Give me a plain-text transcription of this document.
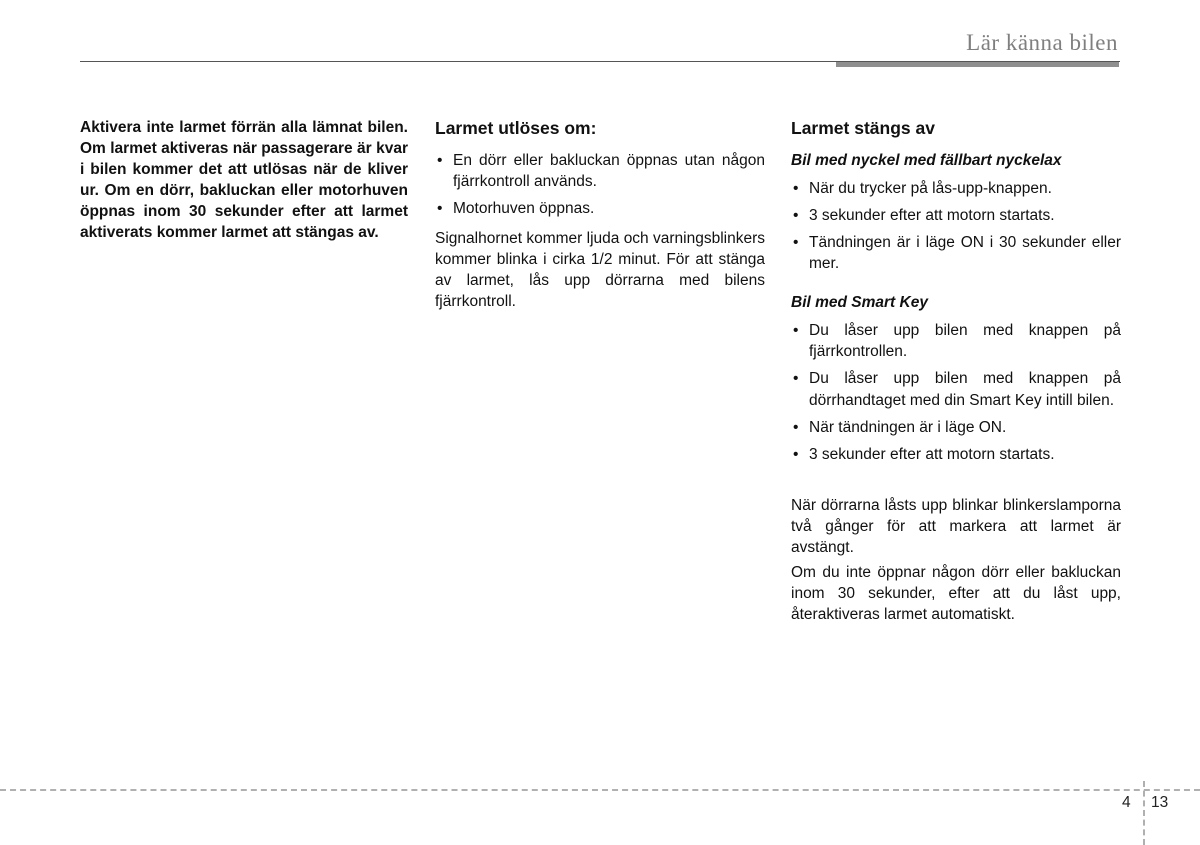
Lär känna bilen
Aktivera inte larmet förrän alla lämnat bilen. Om larmet aktiveras när passagerare är kvar i bilen kommer det att utlösas när de kliver ur. Om en dörr, bakluckan eller motorhuven öppnas inom 30 sekunder efter att larmet aktiverats kommer larmet att stängas av.
Larmet utlöses om:
• En dörr eller bakluckan öppnas utan någon fjärrkontroll används.
• Motorhuven öppnas.
Signalhornet kommer ljuda och varningsblinkers kommer blinka i cirka 1/2 minut. För att stänga av larmet, lås upp dörrarna med bilens fjärrkontroll.
Larmet stängs av
Bil med nyckel med fällbart nyckelax
• När du trycker på lås-upp-knappen.
• 3 sekunder efter att motorn startats.
• Tändningen är i läge ON i 30 sekunder eller mer.
Bil med Smart Key
• Du låser upp bilen med knappen på fjärrkontrollen.
• Du låser upp bilen med knappen på dörrhandtaget med din Smart Key intill bilen.
• När tändningen är i läge ON.
• 3 sekunder efter att motorn startats.
När dörrarna låsts upp blinkar blinkerslamporna två gånger för att markera att larmet är avstängt.
Om du inte öppnar någon dörr eller bakluckan inom 30 sekunder, efter att du låst upp, återaktiveras larmet automatiskt.
4 13
